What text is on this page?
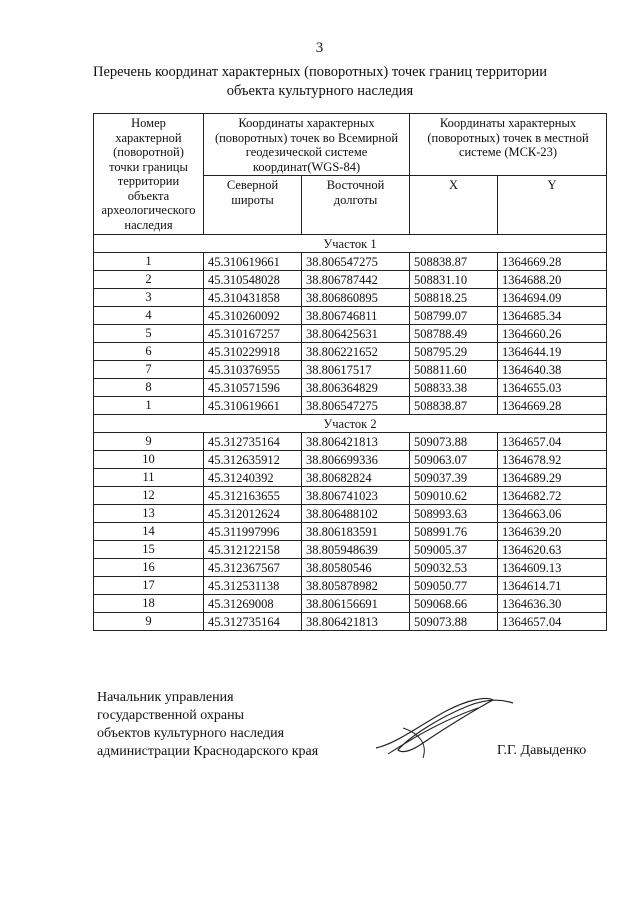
3
Перечень координат характерных (поворотных) точек границ территории
объекта культурного наследия
Номер характерной (поворотной) точки границы территории объекта археологического наследия	Координаты характерных (поворотных) точек во Всемирной геодезической системе координат(WGS-84)		Координаты характерных (поворотных) точек в местной системе (МСК-23)	
	Северной широты	Восточной долготы	X	Y
Участок 1				
1	45.310619661	38.806547275	508838.87	1364669.28
2	45.310548028	38.806787442	508831.10	1364688.20
3	45.310431858	38.806860895	508818.25	1364694.09
4	45.310260092	38.806746811	508799.07	1364685.34
5	45.310167257	38.806425631	508788.49	1364660.26
6	45.310229918	38.806221652	508795.29	1364644.19
7	45.310376955	38.80617517	508811.60	1364640.38
8	45.310571596	38.806364829	508833.38	1364655.03
1	45.310619661	38.806547275	508838.87	1364669.28
Участок 2				
9	45.312735164	38.806421813	509073.88	1364657.04
10	45.312635912	38.806699336	509063.07	1364678.92
11	45.31240392	38.80682824	509037.39	1364689.29
12	45.312163655	38.806741023	509010.62	1364682.72
13	45.312012624	38.806488102	508993.63	1364663.06
14	45.311997996	38.806183591	508991.76	1364639.20
15	45.312122158	38.805948639	509005.37	1364620.63
16	45.312367567	38.80580546	509032.53	1364609.13
17	45.312531138	38.805878982	509050.77	1364614.71
18	45.31269008	38.806156691	509068.66	1364636.30
9	45.312735164	38.806421813	509073.88	1364657.04
Начальник управления
государственной охраны
объектов культурного наследия
администрации Краснодарского края	Г.Г. Давыденко
